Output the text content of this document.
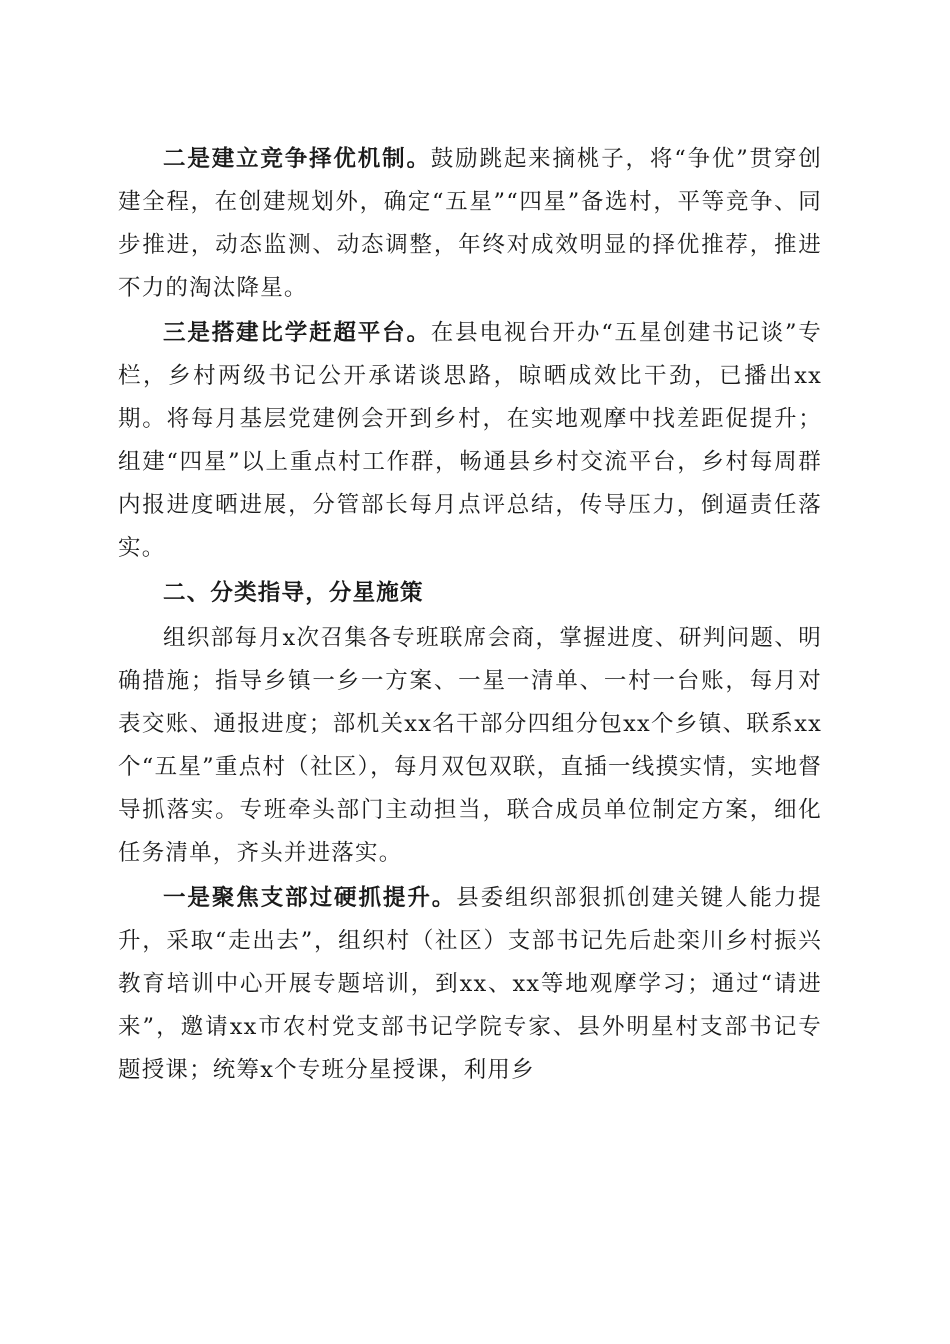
二是建立竞争择优机制。鼓励跳起来摘桃子，将“争优”贯穿创建全程，在创建规划外，确定“五星”“四星”备选村，平等竞争、同步推进，动态监测、动态调整，年终对成效明显的择优推荐，推进不力的淘汰降星。

三是搭建比学赶超平台。在县电视台开办“五星创建书记谈”专栏，乡村两级书记公开承诺谈思路，晾晒成效比干劲，已播出xx期。将每月基层党建例会开到乡村，在实地观摩中找差距促提升；组建“四星”以上重点村工作群，畅通县乡村交流平台，乡村每周群内报进度晒进展，分管部长每月点评总结，传导压力，倒逼责任落实。

二、分类指导，分星施策

组织部每月x次召集各专班联席会商，掌握进度、研判问题、明确措施；指导乡镇一乡一方案、一星一清单、一村一台账，每月对表交账、通报进度；部机关xx名干部分四组分包xx个乡镇、联系xx个“五星”重点村（社区），每月双包双联，直插一线摸实情，实地督导抓落实。专班牵头部门主动担当，联合成员单位制定方案，细化任务清单，齐头并进落实。

一是聚焦支部过硬抓提升。县委组织部狠抓创建关键人能力提升，采取“走出去”，组织村（社区）支部书记先后赴栾川乡村振兴教育培训中心开展专题培训，到xx、xx等地观摩学习；通过“请进来”，邀请xx市农村党支部书记学院专家、县外明星村支部书记专题授课；统筹x个专班分星授课，利用乡
